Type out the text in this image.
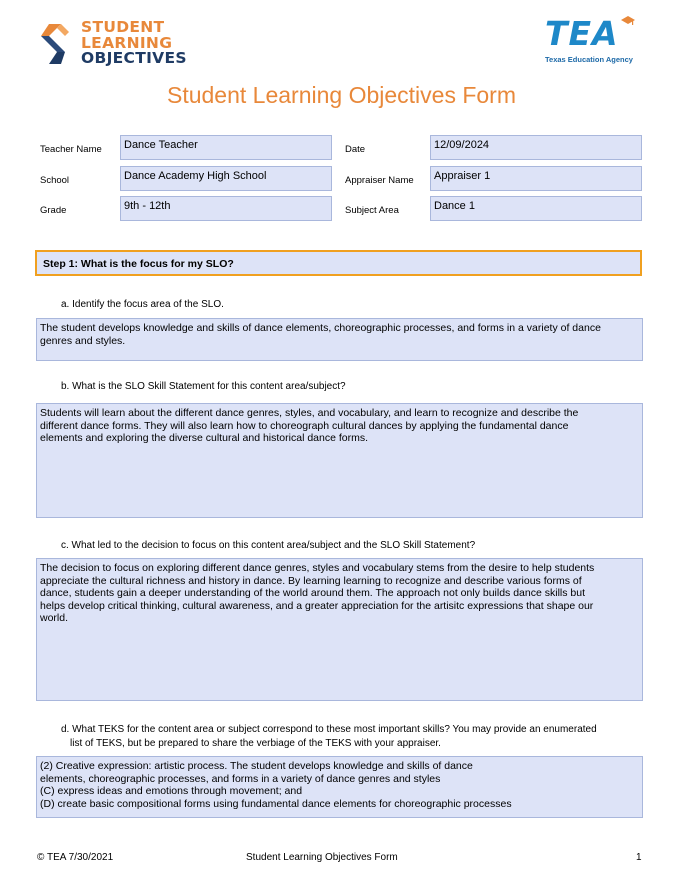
STUDENT
LEARNING
OBJECTIVES
TEA
Texas Education Agency
Student Learning Objectives Form
Teacher Name	Dance Teacher	Date	12/09/2024
School	Dance Academy High School	Appraiser Name	Appraiser 1
Grade	9th - 12th	Subject Area	Dance 1
Step 1: What is the focus for my SLO?
a. Identify the focus area of the SLO.
The student develops knowledge and skills of dance elements, choreographic processes, and forms in a variety of dance
genres and styles.
b. What is the SLO Skill Statement for this content area/subject?
Students will learn about the different dance genres, styles, and vocabulary, and learn to recognize and describe the
different dance forms. They will also learn how to choreograph cultural dances by applying the fundamental dance
elements and exploring the diverse cultural and historical dance forms.
c. What led to the decision to focus on this content area/subject and the SLO Skill Statement?
The decision to focus on exploring different dance genres, styles and vocabulary stems from the desire to help students
appreciate the cultural richness and history in dance. By learning learning to recognize and describe various forms of
dance, students gain a deeper understanding of the world around them. The approach not only builds dance skills but
helps develop critical thinking, cultural awareness, and a greater appreciation for the artisitc expressions that shape our
world.
d. What TEKS for the content area or subject correspond to these most important skills? You may provide an enumerated
list of TEKS, but be prepared to share the verbiage of the TEKS with your appraiser.
(2) Creative expression: artistic process. The student develops knowledge and skills of dance
elements, choreographic processes, and forms in a variety of dance genres and styles
(C) express ideas and emotions through movement; and
(D) create basic compositional forms using fundamental dance elements for choreographic processes
© TEA 7/30/2021	Student Learning Objectives Form	1
